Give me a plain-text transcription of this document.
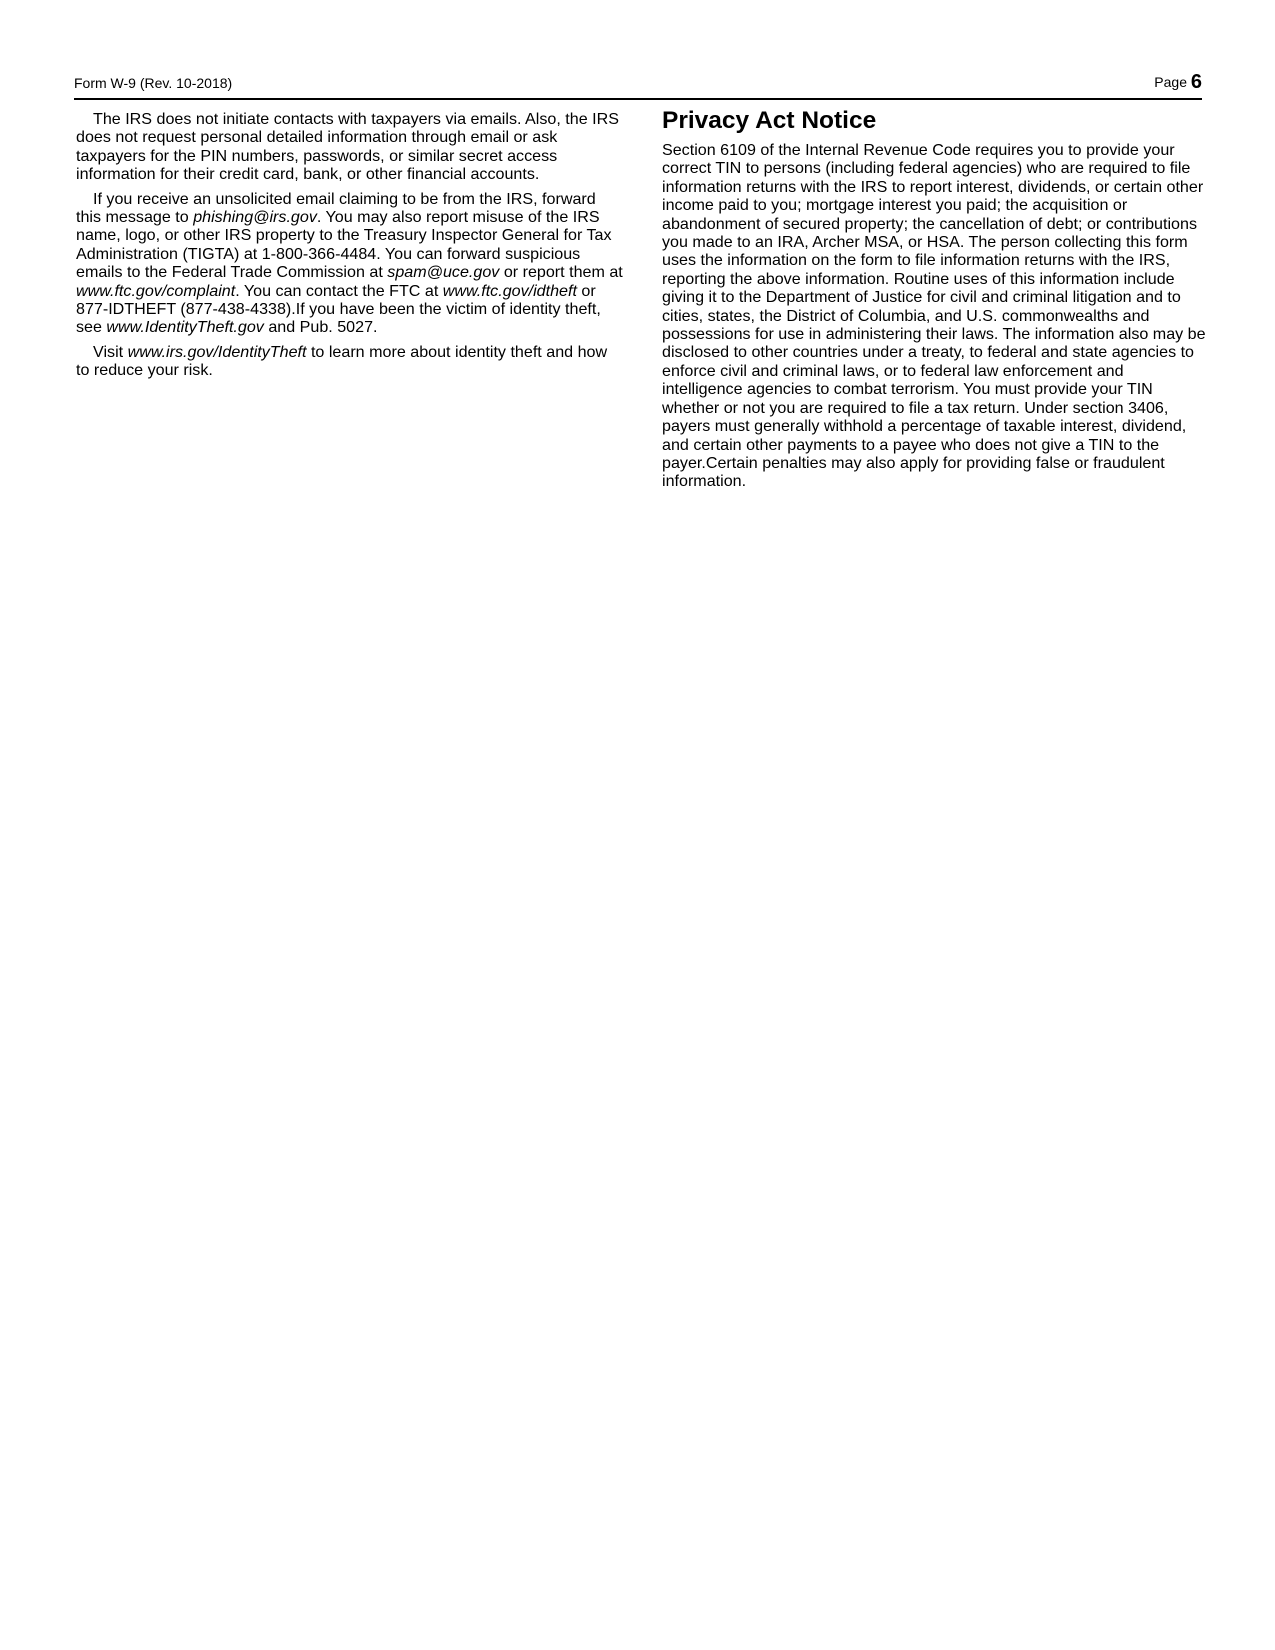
Form W-9 (Rev. 10-2018)	Page 6

The IRS does not initiate contacts with taxpayers via emails. Also, the IRS does not request personal detailed information through email or ask taxpayers for the PIN numbers, passwords, or similar secret access information for their credit card, bank, or other financial accounts.

If you receive an unsolicited email claiming to be from the IRS, forward this message to phishing@irs.gov. You may also report misuse of the IRS name, logo, or other IRS property to the Treasury Inspector General for Tax Administration (TIGTA) at 1-800-366-4484. You can forward suspicious emails to the Federal Trade Commission at spam@uce.gov or report them at www.ftc.gov/complaint. You can contact the FTC at www.ftc.gov/idtheft or 877-IDTHEFT (877-438-4338).If you have been the victim of identity theft, see www.IdentityTheft.gov and Pub. 5027.

Visit www.irs.gov/IdentityTheft to learn more about identity theft and how to reduce your risk.

Privacy Act Notice

Section 6109 of the Internal Revenue Code requires you to provide your correct TIN to persons (including federal agencies) who are required to file information returns with the IRS to report interest, dividends, or certain other income paid to you; mortgage interest you paid; the acquisition or abandonment of secured property; the cancellation of debt; or contributions you made to an IRA, Archer MSA, or HSA. The person collecting this form uses the information on the form to file information returns with the IRS, reporting the above information. Routine uses of this information include giving it to the Department of Justice for civil and criminal litigation and to cities, states, the District of Columbia, and U.S. commonwealths and possessions for use in administering their laws. The information also may be disclosed to other countries under a treaty, to federal and state agencies to enforce civil and criminal laws, or to federal law enforcement and intelligence agencies to combat terrorism. You must provide your TIN whether or not you are required to file a tax return. Under section 3406, payers must generally withhold a percentage of taxable interest, dividend, and certain other payments to a payee who does not give a TIN to the payer.Certain penalties may also apply for providing false or fraudulent information.
